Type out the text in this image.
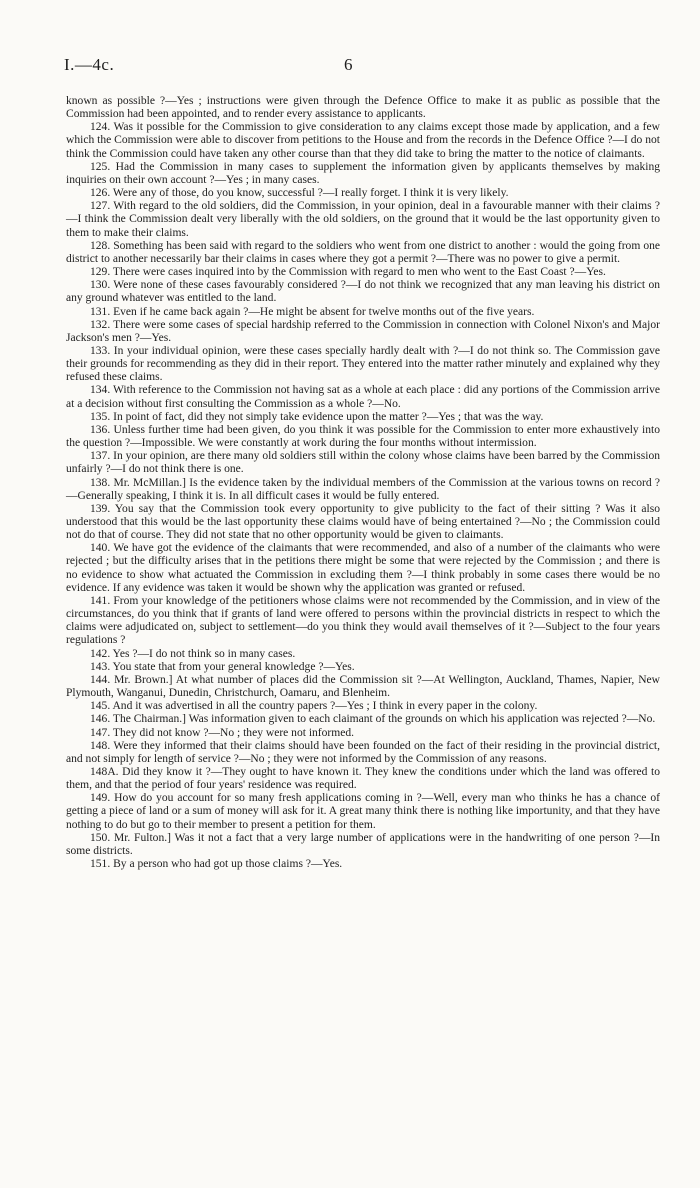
I.—4c.	6

known as possible ?—Yes ; instructions were given through the Defence Office to make it as public as possible that the Commission had been appointed, and to render every assistance to applicants.

124. Was it possible for the Commission to give consideration to any claims except those made by application, and a few which the Commission were able to discover from petitions to the House and from the records in the Defence Office ?—I do not think the Commission could have taken any other course than that they did take to bring the matter to the notice of claimants.

125. Had the Commission in many cases to supplement the information given by applicants themselves by making inquiries on their own account ?—Yes ; in many cases.

126. Were any of those, do you know, successful ?—I really forget. I think it is very likely.

127. With regard to the old soldiers, did the Commission, in your opinion, deal in a favourable manner with their claims ?—I think the Commission dealt very liberally with the old soldiers, on the ground that it would be the last opportunity given to them to make their claims.

128. Something has been said with regard to the soldiers who went from one district to another : would the going from one district to another necessarily bar their claims in cases where they got a permit ?—There was no power to give a permit.

129. There were cases inquired into by the Commission with regard to men who went to the East Coast ?—Yes.

130. Were none of these cases favourably considered ?—I do not think we recognized that any man leaving his district on any ground whatever was entitled to the land.

131. Even if he came back again ?—He might be absent for twelve months out of the five years.

132. There were some cases of special hardship referred to the Commission in connection with Colonel Nixon's and Major Jackson's men ?—Yes.

133. In your individual opinion, were these cases specially hardly dealt with ?—I do not think so. The Commission gave their grounds for recommending as they did in their report. They entered into the matter rather minutely and explained why they refused these claims.

134. With reference to the Commission not having sat as a whole at each place : did any portions of the Commission arrive at a decision without first consulting the Commission as a whole ?—No.

135. In point of fact, did they not simply take evidence upon the matter ?—Yes ; that was the way.

136. Unless further time had been given, do you think it was possible for the Commission to enter more exhaustively into the question ?—Impossible. We were constantly at work during the four months without intermission.

137. In your opinion, are there many old soldiers still within the colony whose claims have been barred by the Commission unfairly ?—I do not think there is one.

138. Mr. McMillan.] Is the evidence taken by the individual members of the Commission at the various towns on record ?—Generally speaking, I think it is. In all difficult cases it would be fully entered.

139. You say that the Commission took every opportunity to give publicity to the fact of their sitting ? Was it also understood that this would be the last opportunity these claims would have of being entertained ?—No ; the Commission could not do that of course. They did not state that no other opportunity would be given to claimants.

140. We have got the evidence of the claimants that were recommended, and also of a number of the claimants who were rejected ; but the difficulty arises that in the petitions there might be some that were rejected by the Commission ; and there is no evidence to show what actuated the Commission in excluding them ?—I think probably in some cases there would be no evidence. If any evidence was taken it would be shown why the application was granted or refused.

141. From your knowledge of the petitioners whose claims were not recommended by the Commission, and in view of the circumstances, do you think that if grants of land were offered to persons within the provincial districts in respect to which the claims were adjudicated on, subject to settlement—do you think they would avail themselves of it ?—Subject to the four years regulations ?

142. Yes ?—I do not think so in many cases.

143. You state that from your general knowledge ?—Yes.

144. Mr. Brown.] At what number of places did the Commission sit ?—At Wellington, Auckland, Thames, Napier, New Plymouth, Wanganui, Dunedin, Christchurch, Oamaru, and Blenheim.

145. And it was advertised in all the country papers ?—Yes ; I think in every paper in the colony.

146. The Chairman.] Was information given to each claimant of the grounds on which his application was rejected ?—No.

147. They did not know ?—No ; they were not informed.

148. Were they informed that their claims should have been founded on the fact of their residing in the provincial district, and not simply for length of service ?—No ; they were not informed by the Commission of any reasons.

148A. Did they know it ?—They ought to have known it. They knew the conditions under which the land was offered to them, and that the period of four years' residence was required.

149. How do you account for so many fresh applications coming in ?—Well, every man who thinks he has a chance of getting a piece of land or a sum of money will ask for it. A great many think there is nothing like importunity, and that they have nothing to do but go to their member to present a petition for them.

150. Mr. Fulton.] Was it not a fact that a very large number of applications were in the handwriting of one person ?—In some districts.

151. By a person who had got up those claims ?—Yes.
